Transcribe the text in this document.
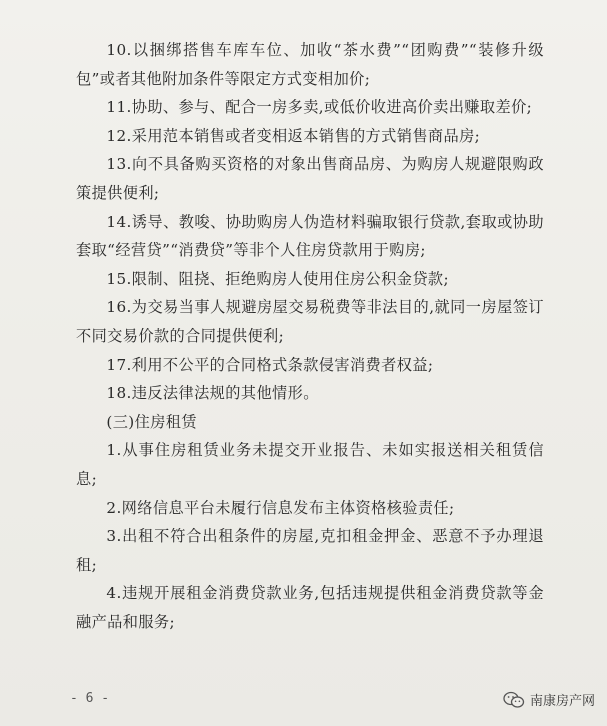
10.以捆绑搭售车库车位、加收“茶水费”“团购费”“装修升级包”或者其他附加条件等限定方式变相加价;

11.协助、参与、配合一房多卖,或低价收进高价卖出赚取差价;

12.采用范本销售或者变相返本销售的方式销售商品房;

13.向不具备购买资格的对象出售商品房、为购房人规避限购政策提供便利;

14.诱导、教唆、协助购房人伪造材料骗取银行贷款,套取或协助套取“经营贷”“消费贷”等非个人住房贷款用于购房;

15.限制、阻挠、拒绝购房人使用住房公积金贷款;

16.为交易当事人规避房屋交易税费等非法目的,就同一房屋签订不同交易价款的合同提供便利;

17.利用不公平的合同格式条款侵害消费者权益;

18.违反法律法规的其他情形。

(三)住房租赁

1.从事住房租赁业务未提交开业报告、未如实报送相关租赁信息;

2.网络信息平台未履行信息发布主体资格核验责任;

3.出租不符合出租条件的房屋,克扣租金押金、恶意不予办理退租;

4.违规开展租金消费贷款业务,包括违规提供租金消费贷款等金融产品和服务;

- 6 -	南康房产网
